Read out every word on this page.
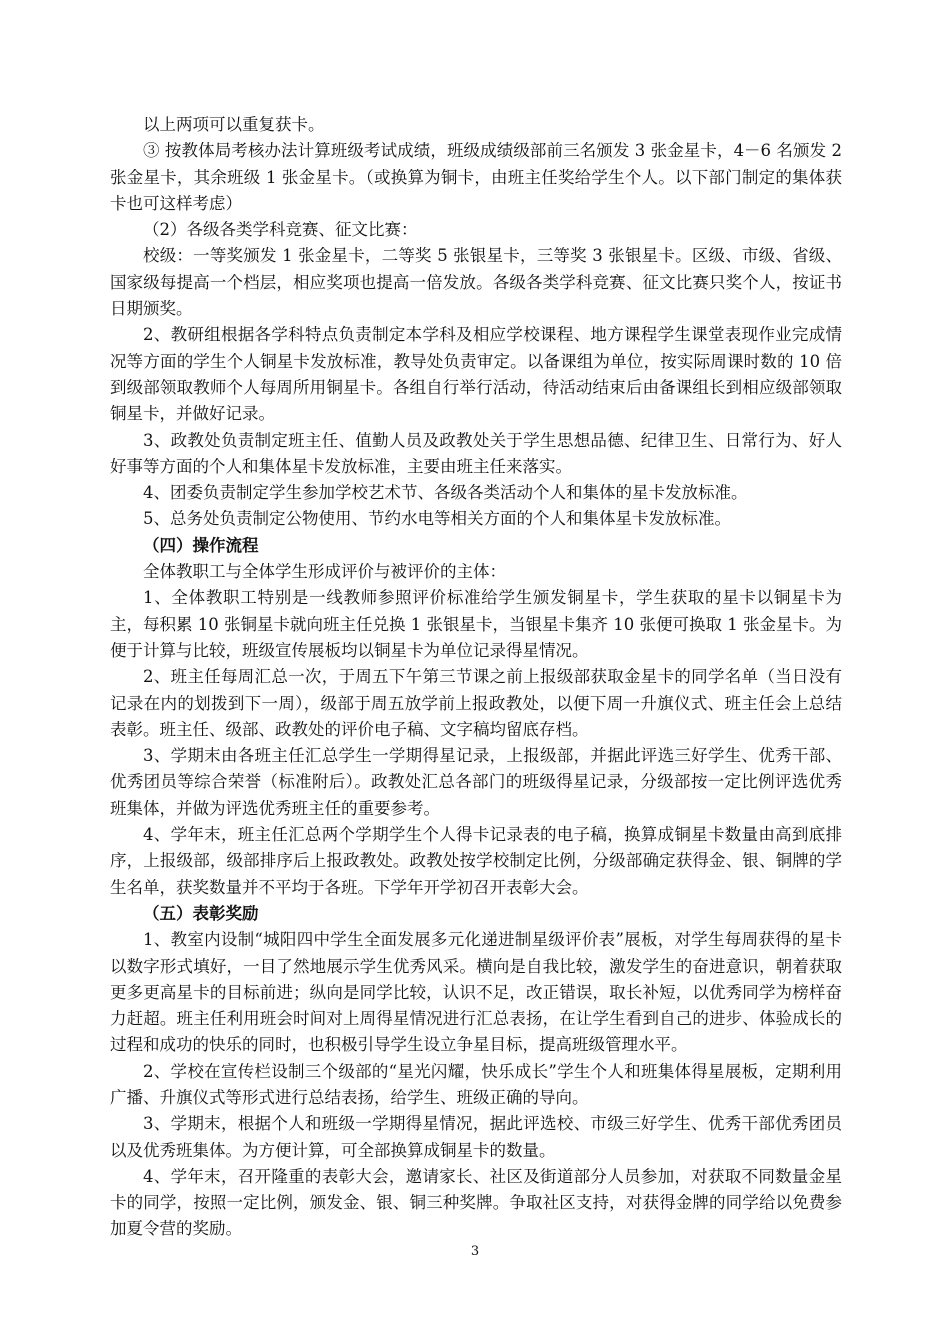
以上两项可以重复获卡。

③ 按教体局考核办法计算班级考试成绩，班级成绩级部前三名颁发 3 张金星卡，4－6 名颁发 2 张金星卡，其余班级 1 张金星卡。（或换算为铜卡，由班主任奖给学生个人。以下部门制定的集体获卡也可这样考虑）

（2）各级各类学科竞赛、征文比赛：

校级：一等奖颁发 1 张金星卡，二等奖 5 张银星卡，三等奖 3 张银星卡。区级、市级、省级、国家级每提高一个档层，相应奖项也提高一倍发放。各级各类学科竞赛、征文比赛只奖个人，按证书日期颁奖。

2、教研组根据各学科特点负责制定本学科及相应学校课程、地方课程学生课堂表现作业完成情况等方面的学生个人铜星卡发放标准，教导处负责审定。以备课组为单位，按实际周课时数的 10 倍到级部领取教师个人每周所用铜星卡。各组自行举行活动，待活动结束后由备课组长到相应级部领取铜星卡，并做好记录。

3、政教处负责制定班主任、值勤人员及政教处关于学生思想品德、纪律卫生、日常行为、好人好事等方面的个人和集体星卡发放标准，主要由班主任来落实。

4、团委负责制定学生参加学校艺术节、各级各类活动个人和集体的星卡发放标准。

5、总务处负责制定公物使用、节约水电等相关方面的个人和集体星卡发放标准。

（四）操作流程

全体教职工与全体学生形成评价与被评价的主体：

1、全体教职工特别是一线教师参照评价标准给学生颁发铜星卡，学生获取的星卡以铜星卡为主，每积累 10 张铜星卡就向班主任兑换 1 张银星卡，当银星卡集齐 10 张便可换取 1 张金星卡。为便于计算与比较，班级宣传展板均以铜星卡为单位记录得星情况。

2、班主任每周汇总一次，于周五下午第三节课之前上报级部获取金星卡的同学名单（当日没有记录在内的划拨到下一周），级部于周五放学前上报政教处，以便下周一升旗仪式、班主任会上总结表彰。班主任、级部、政教处的评价电子稿、文字稿均留底存档。

3、学期末由各班主任汇总学生一学期得星记录，上报级部，并据此评选三好学生、优秀干部、优秀团员等综合荣誉（标准附后）。政教处汇总各部门的班级得星记录，分级部按一定比例评选优秀班集体，并做为评选优秀班主任的重要参考。

4、学年末，班主任汇总两个学期学生个人得卡记录表的电子稿，换算成铜星卡数量由高到底排序，上报级部，级部排序后上报政教处。政教处按学校制定比例，分级部确定获得金、银、铜牌的学生名单，获奖数量并不平均于各班。下学年开学初召开表彰大会。

（五）表彰奖励

1、教室内设制“城阳四中学生全面发展多元化递进制星级评价表”展板，对学生每周获得的星卡以数字形式填好，一目了然地展示学生优秀风采。横向是自我比较，激发学生的奋进意识，朝着获取更多更高星卡的目标前进；纵向是同学比较，认识不足，改正错误，取长补短，以优秀同学为榜样奋力赶超。班主任利用班会时间对上周得星情况进行汇总表扬，在让学生看到自己的进步、体验成长的过程和成功的快乐的同时，也积极引导学生设立争星目标，提高班级管理水平。

2、学校在宣传栏设制三个级部的“星光闪耀，快乐成长”学生个人和班集体得星展板，定期利用广播、升旗仪式等形式进行总结表扬，给学生、班级正确的导向。

3、学期末，根据个人和班级一学期得星情况，据此评选校、市级三好学生、优秀干部优秀团员以及优秀班集体。为方便计算，可全部换算成铜星卡的数量。

4、学年末，召开隆重的表彰大会，邀请家长、社区及街道部分人员参加，对获取不同数量金星卡的同学，按照一定比例，颁发金、银、铜三种奖牌。争取社区支持，对获得金牌的同学给以免费参加夏令营的奖励。

3
